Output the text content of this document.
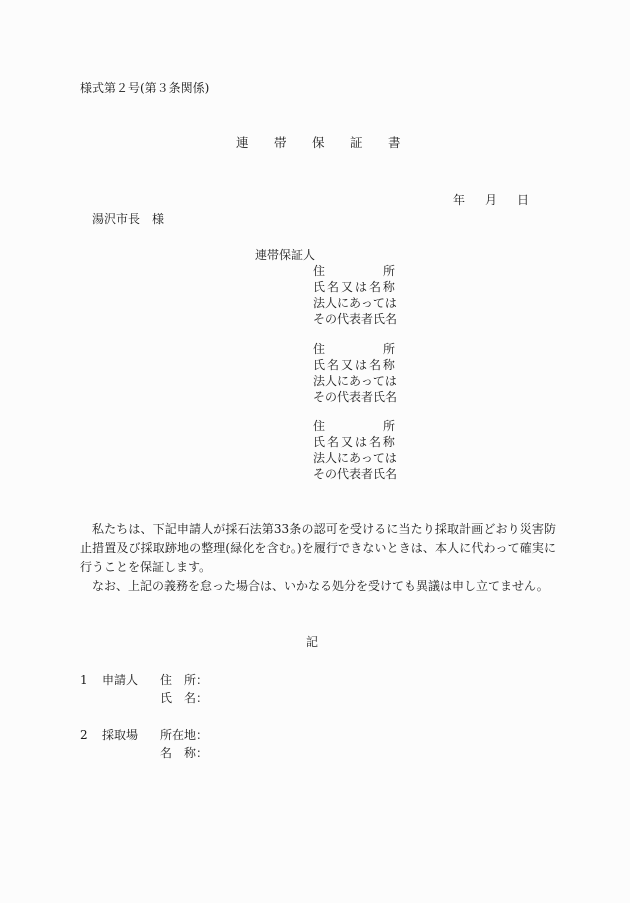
様式第２号(第３条関係)
連	帯	保	証	書
年	月	日
湯沢市長　様
連帯保証人
住	所
氏 名 又 は 名 称
法人にあっては
その代表者氏名
住	所
氏 名 又 は 名 称
法人にあっては
その代表者氏名
住	所
氏 名 又 は 名 称
法人にあっては
その代表者氏名

私たちは、下記申請人が採石法第33条の認可を受けるに当たり採取計画どおり災害防止措置及び採取跡地の整理(緑化を含む。)を履行できないときは、本人に代わって確実に行うことを保証します。

なお、上記の義務を怠った場合は、いかなる処分を受けても異議は申し立てません。

記
1	申請人	住 所 ：
氏 名 ：
2	採取場	所 在 地 ：
名 称 ：
